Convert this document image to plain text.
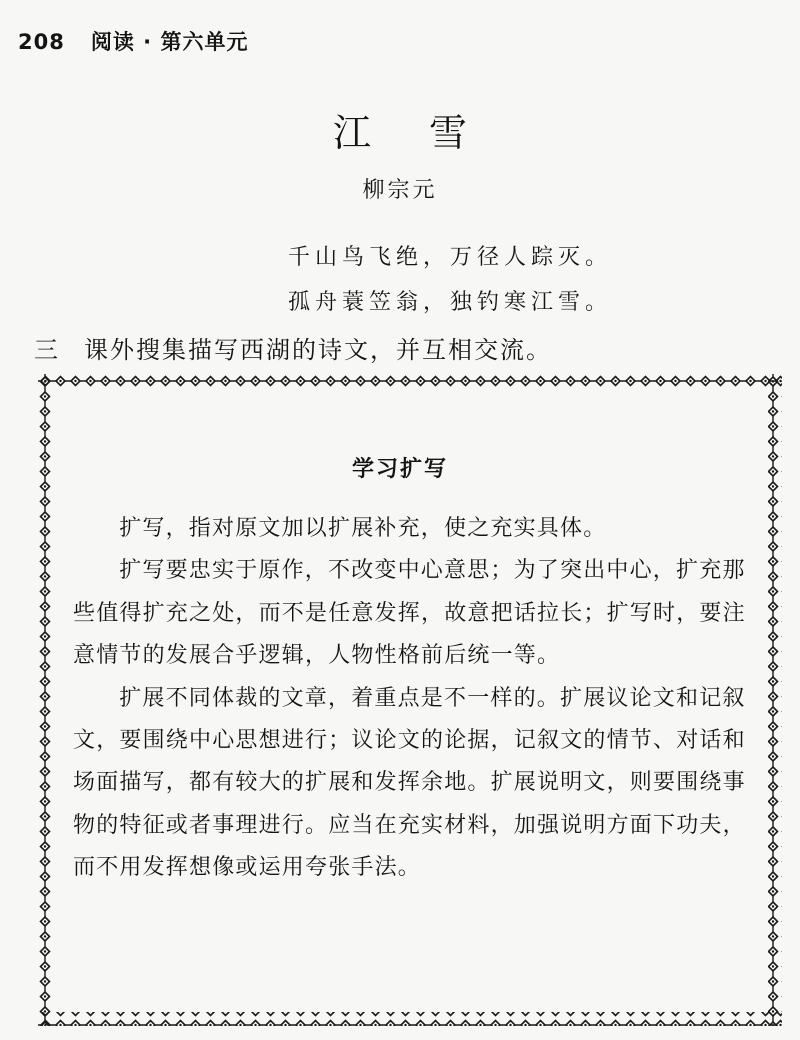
208 阅读 · 第六单元
江雪
柳宗元
千山鸟飞绝，万径人踪灭。
孤舟蓑笠翁，独钓寒江雪。
三 课外搜集描写西湖的诗文，并互相交流。
学习扩写

扩写，指对原文加以扩展补充，使之充实具体。

扩写要忠实于原作，不改变中心意思；为了突出中心，扩充那些值得扩充之处，而不是任意发挥，故意把话拉长；扩写时，要注意情节的发展合乎逻辑，人物性格前后统一等。

扩展不同体裁的文章，着重点是不一样的。扩展议论文和记叙文，要围绕中心思想进行；议论文的论据，记叙文的情节、对话和场面描写，都有较大的扩展和发挥余地。扩展说明文，则要围绕事物的特征或者事理进行。应当在充实材料，加强说明方面下功夫，而不用发挥想像或运用夸张手法。
